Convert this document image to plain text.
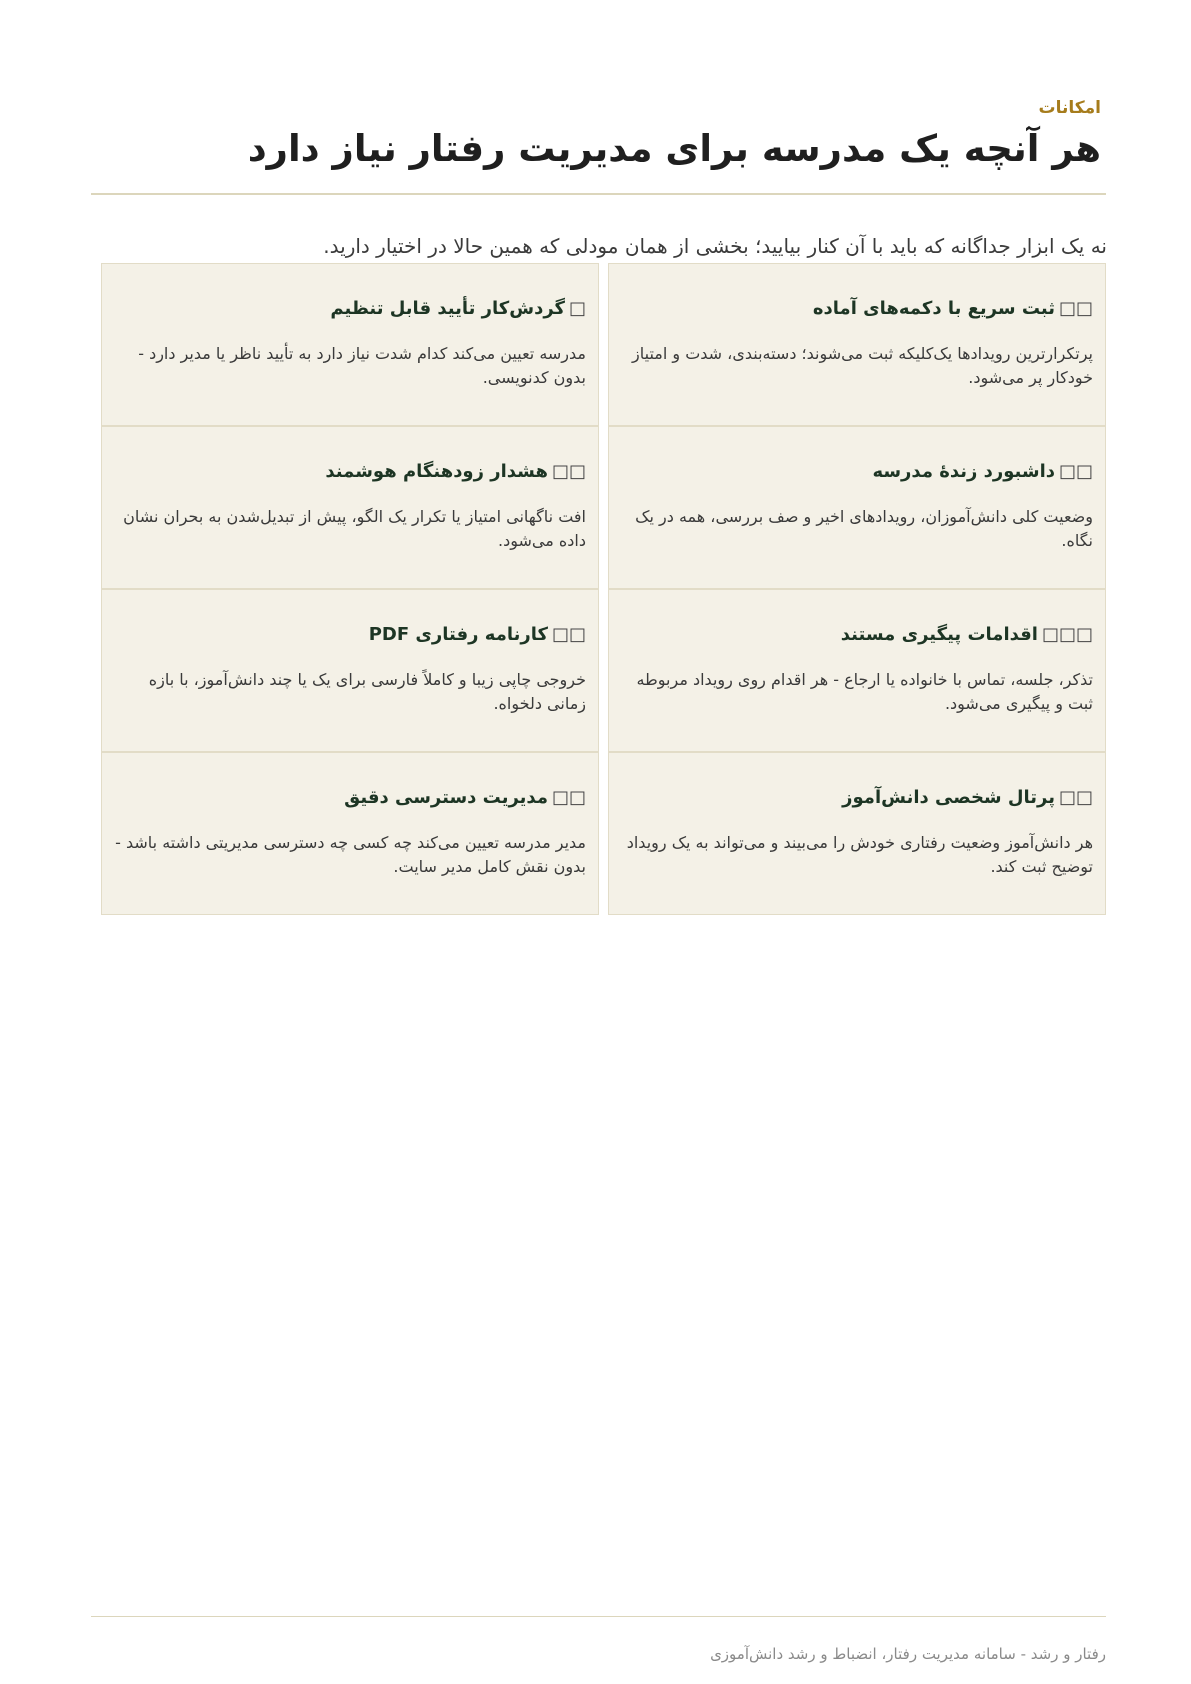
امکانات

هر آنچه یک مدرسه برای مدیریت رفتار نیاز دارد

نه یک ابزار جداگانه که باید با آن کنار بیایید؛ بخشی از همان مودلی که همین حالا در اختیار دارید.

□□ثبت سریع با دکمه‌های آماده
پرتکرارترین رویدادها یک‌کلیکه ثبت می‌شوند؛ دسته‌بندی، شدت و امتیاز خودکار پر می‌شود.
□گردش‌کار تأیید قابل تنظیم
مدرسه تعیین می‌کند کدام شدت نیاز دارد به تأیید ناظر یا مدیر دارد - بدون کدنویسی.
□□داشبورد زندهٔ مدرسه
وضعیت کلی دانش‌آموزان، رویدادهای اخیر و صف بررسی، همه در یک نگاه.
□□هشدار زودهنگام هوشمند
افت ناگهانی امتیاز یا تکرار یک الگو، پیش از تبدیل‌شدن به بحران نشان داده می‌شود.
□□□اقدامات پیگیری مستند
تذکر، جلسه، تماس با خانواده یا ارجاع - هر اقدام روی رویداد مربوطه ثبت و پیگیری می‌شود.
□□کارنامه رفتاری PDF
خروجی چاپی زیبا و کاملاً فارسی برای یک یا چند دانش‌آموز، با بازه زمانی دلخواه.
□□پرتال شخصی دانش‌آموز
هر دانش‌آموز وضعیت رفتاری خودش را می‌بیند و می‌تواند به یک رویداد توضیح ثبت کند.
□□مدیریت دسترسی دقیق
مدیر مدرسه تعیین می‌کند چه کسی چه دسترسی مدیریتی داشته باشد - بدون نقش کامل مدیر سایت.

رفتار و رشد - سامانه مدیریت رفتار، انضباط و رشد دانش‌آموزی
